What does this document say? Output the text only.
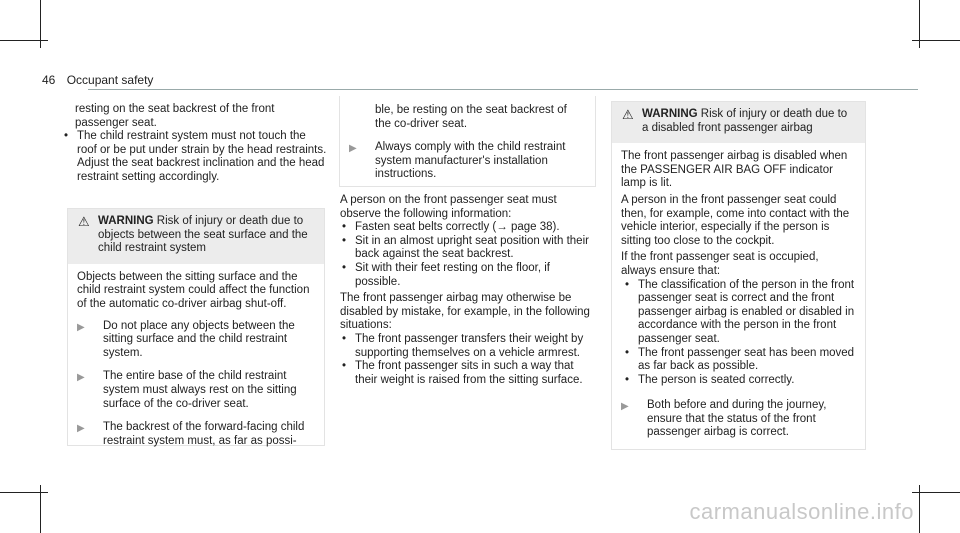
46 Occupant safety

resting on the seat backrest of the front passenger seat.

• The child restraint system must not touch the roof or be put under strain by the head restraints. Adjust the seat backrest inclination and the head restraint setting accordingly.
⚠ WARNING Risk of injury or death due to objects between the seat surface and the child restraint system

Objects between the sitting surface and the child restraint system could affect the function of the automatic co-driver airbag shut-off.

▶ Do not place any objects between the sitting surface and the child restraint system.
▶ The entire base of the child restraint system must always rest on the sitting surface of the co-driver seat.
▶ The backrest of the forward-facing child restraint system must, as far as possi-
ble, be resting on the seat backrest of the co-driver seat.
▶ Always comply with the child restraint system manufacturer's installation instructions.

A person on the front passenger seat must observe the following information:

• Fasten seat belts correctly (→ page 38).
• Sit in an almost upright seat position with their back against the seat backrest.
• Sit with their feet resting on the floor, if possible.

The front passenger airbag may otherwise be disabled by mistake, for example, in the following situations:

• The front passenger transfers their weight by supporting themselves on a vehicle armrest.
• The front passenger sits in such a way that their weight is raised from the sitting surface.
⚠ WARNING Risk of injury or death due to a disabled front passenger airbag

The front passenger airbag is disabled when the PASSENGER AIR BAG OFF indicator lamp is lit.

A person in the front passenger seat could then, for example, come into contact with the vehicle interior, especially if the person is sitting too close to the cockpit.

If the front passenger seat is occupied, always ensure that:

• The classification of the person in the front passenger seat is correct and the front passenger airbag is enabled or disabled in accordance with the person in the front passenger seat.
• The front passenger seat has been moved as far back as possible.
• The person is seated correctly.
▶ Both before and during the journey, ensure that the status of the front passenger airbag is correct.
carmanualsonline.info
